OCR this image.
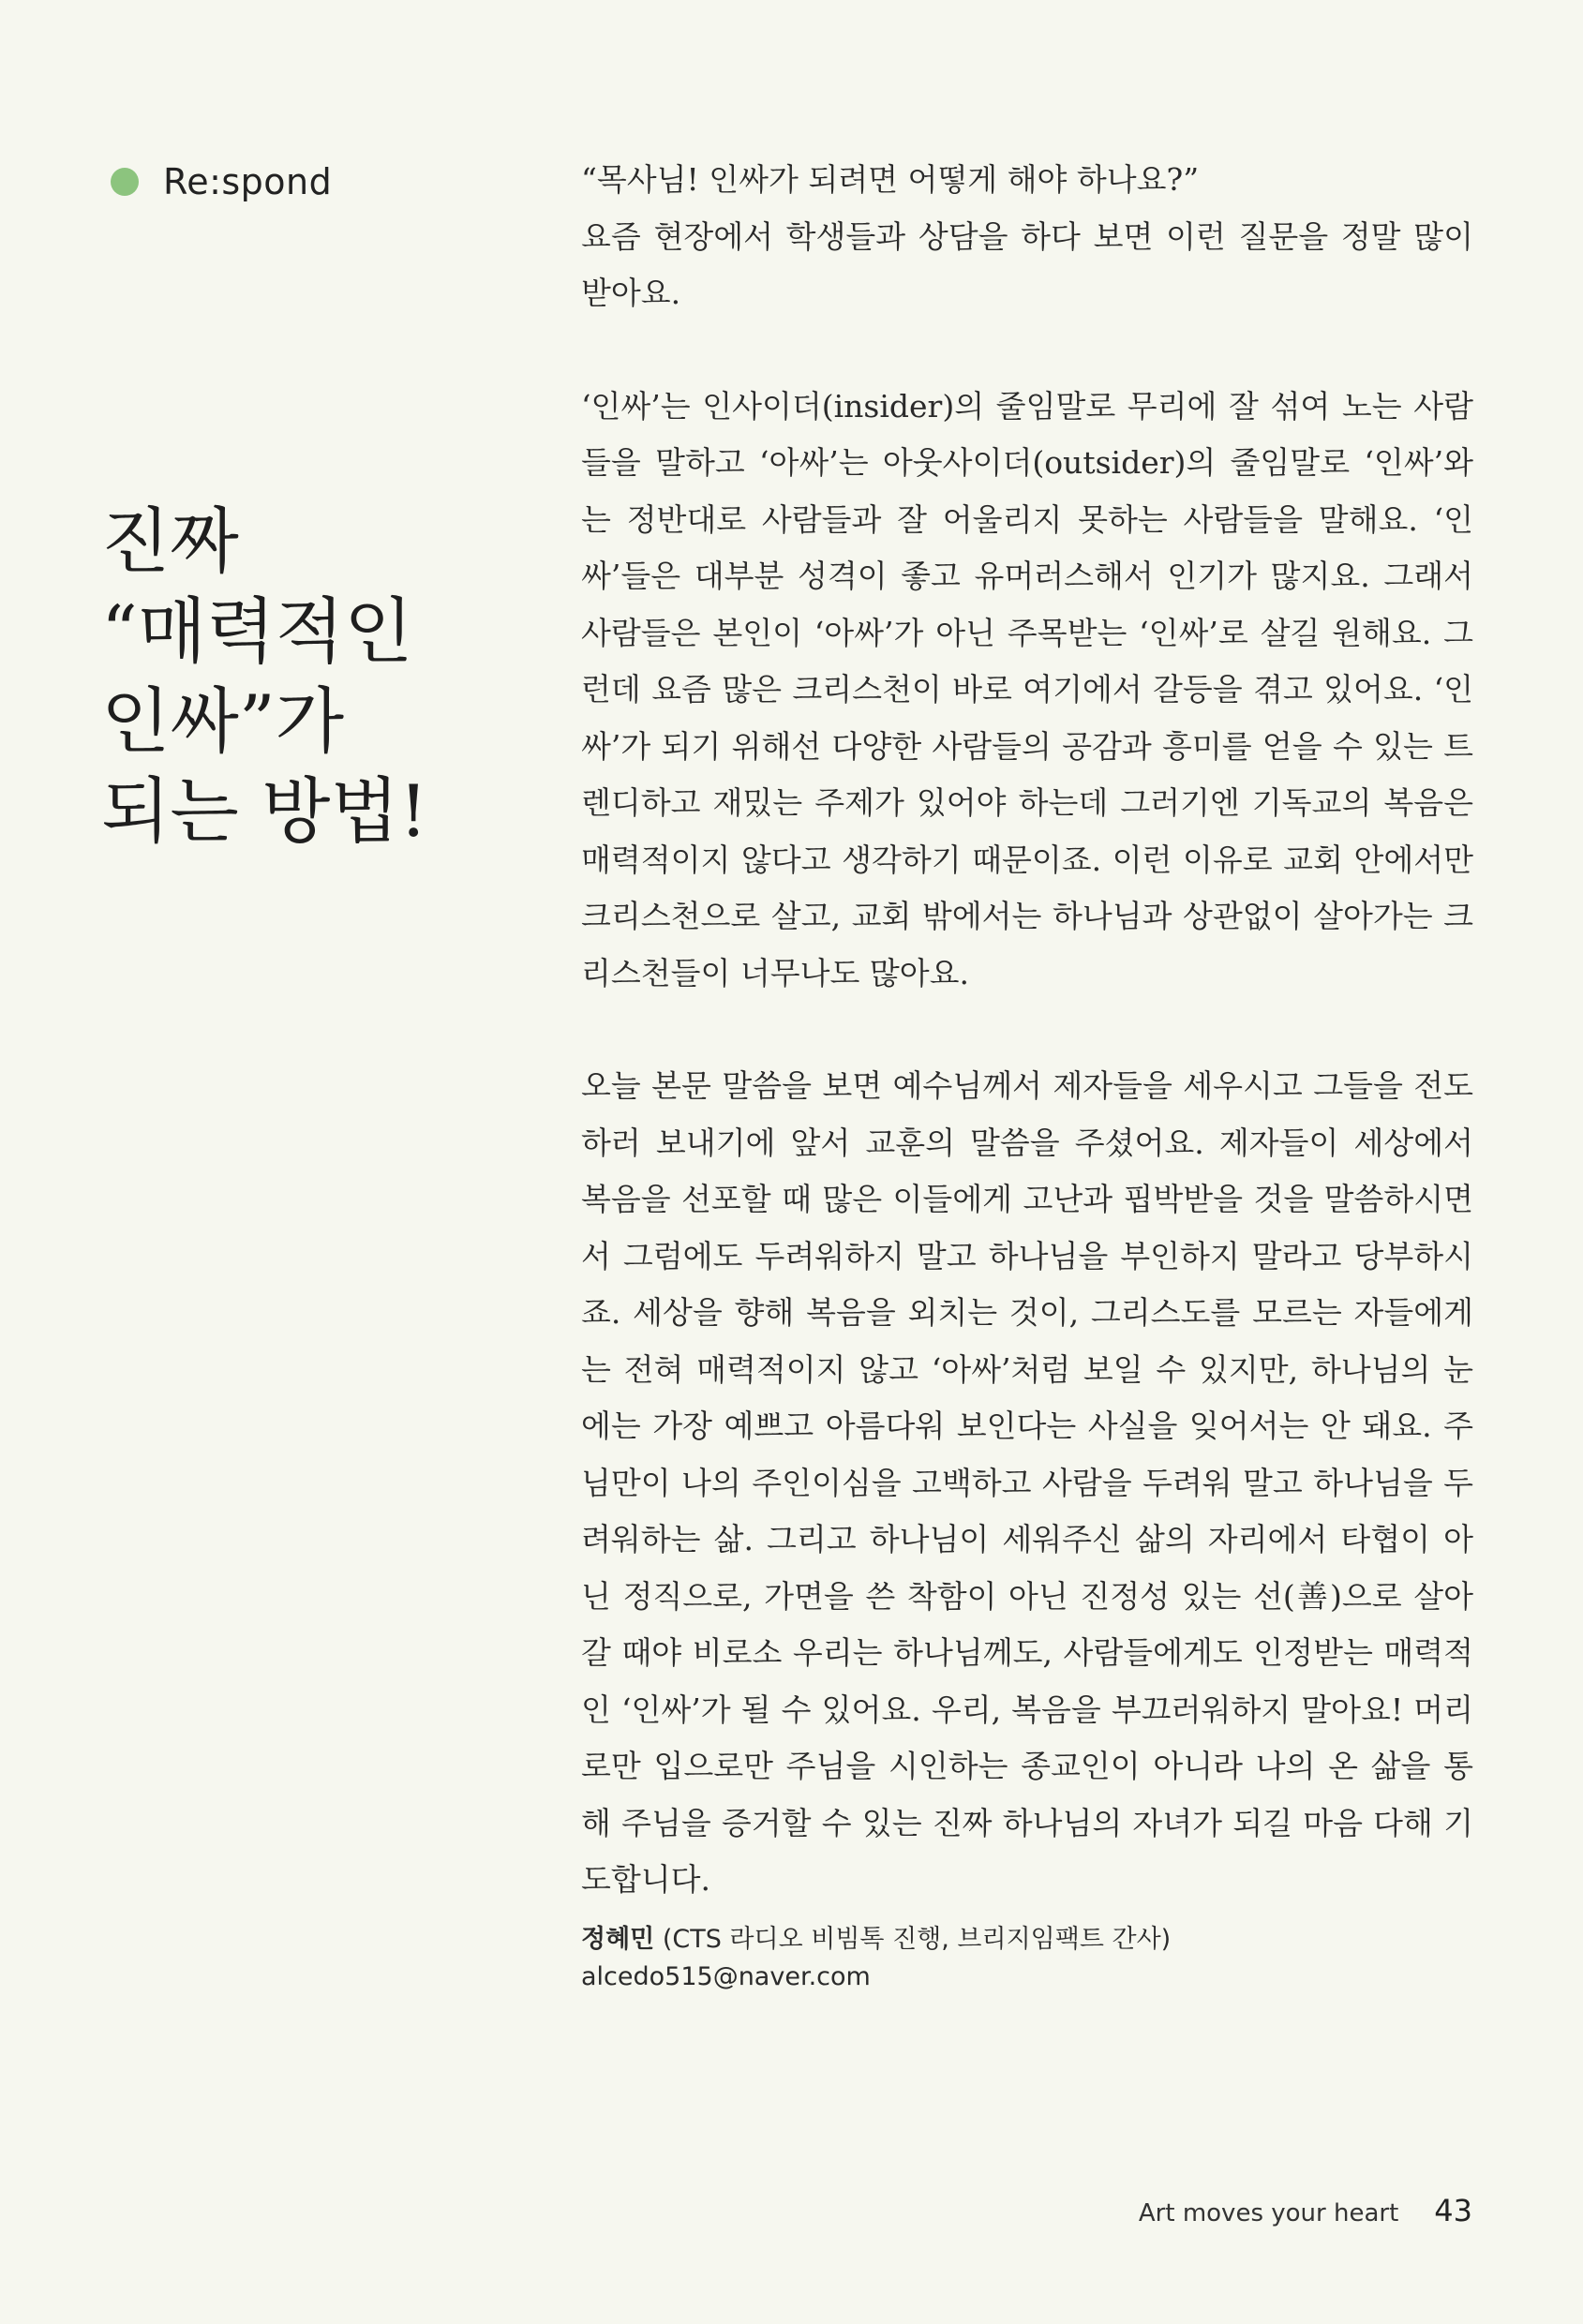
Re:spond
진짜
“매력적인
인싸”가
되는 방법!

“목사님! 인싸가 되려면 어떻게 해야 하나요?”
요즘 현장에서 학생들과 상담을 하다 보면 이런 질문을 정말 많이 받아요.

‘인싸’는 인사이더(insider)의 줄임말로 무리에 잘 섞여 노는 사람들을 말하고 ‘아싸’는 아웃사이더(outsider)의 줄임말로 ‘인싸’와는 정반대로 사람들과 잘 어울리지 못하는 사람들을 말해요. ‘인싸’들은 대부분 성격이 좋고 유머러스해서 인기가 많지요. 그래서 사람들은 본인이 ‘아싸’가 아닌 주목받는 ‘인싸’로 살길 원해요. 그런데 요즘 많은 크리스천이 바로 여기에서 갈등을 겪고 있어요. ‘인싸’가 되기 위해선 다양한 사람들의 공감과 흥미를 얻을 수 있는 트렌디하고 재밌는 주제가 있어야 하는데 그러기엔 기독교의 복음은 매력적이지 않다고 생각하기 때문이죠. 이런 이유로 교회 안에서만 크리스천으로 살고, 교회 밖에서는 하나님과 상관없이 살아가는 크리스천들이 너무나도 많아요.

오늘 본문 말씀을 보면 예수님께서 제자들을 세우시고 그들을 전도하러 보내기에 앞서 교훈의 말씀을 주셨어요. 제자들이 세상에서 복음을 선포할 때 많은 이들에게 고난과 핍박받을 것을 말씀하시면서 그럼에도 두려워하지 말고 하나님을 부인하지 말라고 당부하시죠. 세상을 향해 복음을 외치는 것이, 그리스도를 모르는 자들에게는 전혀 매력적이지 않고 ‘아싸’처럼 보일 수 있지만, 하나님의 눈에는 가장 예쁘고 아름다워 보인다는 사실을 잊어서는 안 돼요. 주님만이 나의 주인이심을 고백하고 사람을 두려워 말고 하나님을 두려워하는 삶. 그리고 하나님이 세워주신 삶의 자리에서 타협이 아닌 정직으로, 가면을 쓴 착함이 아닌 진정성 있는 선(善)으로 살아갈 때야 비로소 우리는 하나님께도, 사람들에게도 인정받는 매력적인 ‘인싸’가 될 수 있어요. 우리, 복음을 부끄러워하지 말아요! 머리로만 입으로만 주님을 시인하는 종교인이 아니라 나의 온 삶을 통해 주님을 증거할 수 있는 진짜 하나님의 자녀가 되길 마음 다해 기도합니다.

정혜민 (CTS 라디오 비빔톡 진행, 브리지임팩트 간사)
alcedo515@naver.com
Art moves your heart 43
